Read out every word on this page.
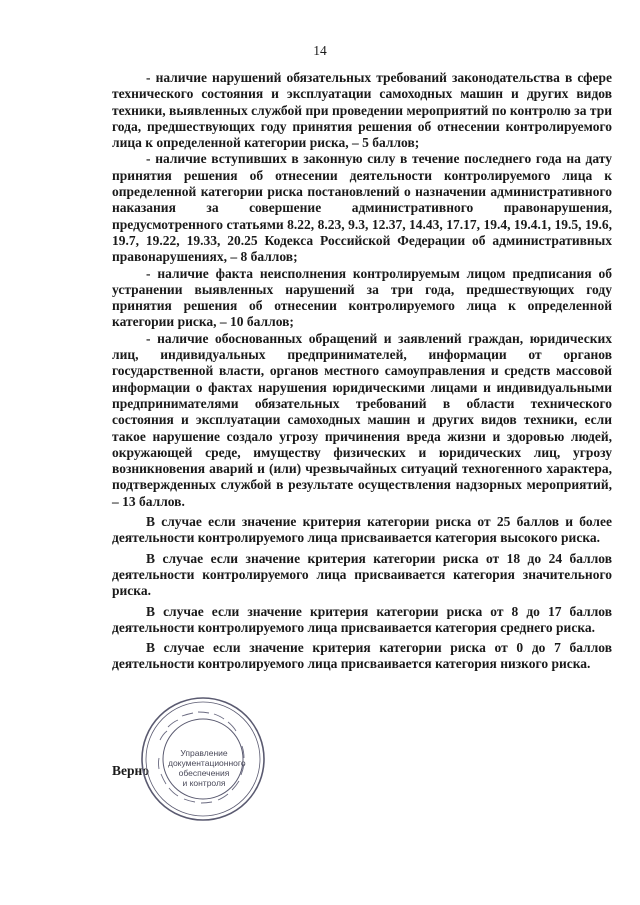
14

- наличие нарушений обязательных требований законодательства в сфере технического состояния и эксплуатации самоходных машин и других видов техники, выявленных службой при проведении мероприятий по контролю за три года, предшествующих году принятия решения об отнесении контролируемого лица к определенной категории риска, – 5 баллов;

- наличие вступивших в законную силу в течение последнего года на дату принятия решения об отнесении деятельности контролируемого лица к определенной категории риска постановлений о назначении административного наказания за совершение административного правонарушения, предусмотренного статьями 8.22, 8.23, 9.3, 12.37, 14.43, 17.17, 19.4, 19.4.1, 19.5, 19.6, 19.7, 19.22, 19.33, 20.25 Кодекса Российской Федерации об административных правонарушениях, – 8 баллов;

- наличие факта неисполнения контролируемым лицом предписания об устранении выявленных нарушений за три года, предшествующих году принятия решения об отнесении контролируемого лица к определенной категории риска, – 10 баллов;

- наличие обоснованных обращений и заявлений граждан, юридических лиц, индивидуальных предпринимателей, информации от органов государственной власти, органов местного самоуправления и средств массовой информации о фактах нарушения юридическими лицами и индивидуальными предпринимателями обязательных требований в области технического состояния и эксплуатации самоходных машин и других видов техники, если такое нарушение создало угрозу причинения вреда жизни и здоровью людей, окружающей среде, имуществу физических и юридических лиц, угрозу возникновения аварий и (или) чрезвычайных ситуаций техногенного характера, подтвержденных службой в результате осуществления надзорных мероприятий, – 13 баллов.

В случае если значение критерия категории риска от 25 баллов и более деятельности контролируемого лица присваивается категория высокого риска.

В случае если значение критерия категории риска от 18 до 24 баллов деятельности контролируемого лица присваивается категория значительного риска.

В случае если значение критерия категории риска от 8 до 17 баллов деятельности контролируемого лица присваивается категория среднего риска.

В случае если значение критерия категории риска от 0 до 7 баллов деятельности контролируемого лица присваивается категория низкого риска.

Верно
Управление
документационного
обеспечения
и контроля
